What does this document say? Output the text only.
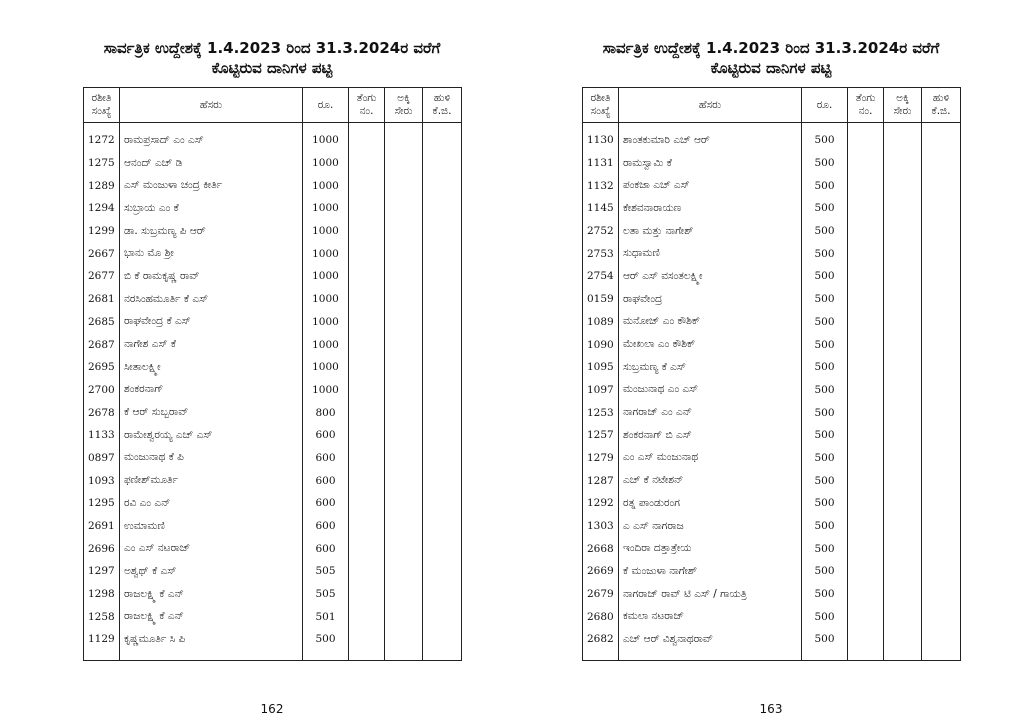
ಸಾರ್ವತ್ರಿಕ ಉದ್ದೇಶಕ್ಕೆ 1.4.2023 ರಿಂದ 31.3.2024ರ ವರೆಗೆ
ಕೊಟ್ಟಿರುವ ದಾನಿಗಳ ಪಟ್ಟಿ
ರಶೀತಿ ಸಂಖ್ಯೆ	ಹೆಸರು	ರೂ.	ತೆಂಗು ನಂ.	ಅಕ್ಕಿ ಸೇರು	ಹುಳಿ ಕೆ.ಜಿ.
1272	ರಾಮಪ್ರಸಾದ್ ಎಂ ಎಸ್	1000			
1275	ಆನಂದ್ ಎಚ್ ಡಿ	1000			
1289	ಎಸ್ ಮಂಜುಳಾ ಚಂದ್ರ ಕೀರ್ತಿ	1000			
1294	ಸುಬ್ರಾಯ ಎಂ ಕೆ	1000			
1299	ಡಾ. ಸುಬ್ರಮಣ್ಯ ಪಿ ಆರ್	1000			
2667	ಭಾನು ಮೊ ಶ್ರೀ	1000			
2677	ಬಿ ಕೆ ರಾಮಕೃಷ್ಣ ರಾವ್	1000			
2681	ನರಸಿಂಹಮೂರ್ತಿ ಕೆ ಎಸ್	1000			
2685	ರಾಘವೇಂದ್ರ ಕೆ ಎಸ್	1000			
2687	ನಾಗೇಶ ಎಸ್ ಕೆ	1000			
2695	ಸೀತಾಲಕ್ಷ್ಮೀ	1000			
2700	ಶಂಕರನಾಗ್	1000			
2678	ಕೆ ಆರ್ ಸುಬ್ಬರಾವ್	800			
1133	ರಾಮೇಶ್ವರಯ್ಯ ಎಚ್ ಎಸ್	600			
0897	ಮಂಜುನಾಥ ಕೆ ಪಿ	600			
1093	ಫಣೀಶ್‌ಮೂರ್ತಿ	600			
1295	ರವಿ ಎಂ ಎನ್	600			
2691	ಉಮಾಮಣಿ	600			
2696	ಎಂ ಎಸ್ ನಟರಾಜ್	600			
1297	ಅಶ್ವಥ್ ಕೆ ಎಸ್	505			
1298	ರಾಜಲಕ್ಷ್ಮಿ ಕೆ ಎನ್	505			
1258	ರಾಜಲಕ್ಷ್ಮಿ ಕೆ ಎನ್	501			
1129	ಕೃಷ್ಣಮೂರ್ತಿ ಸಿ ಪಿ	500			

162
ಸಾರ್ವತ್ರಿಕ ಉದ್ದೇಶಕ್ಕೆ 1.4.2023 ರಿಂದ 31.3.2024ರ ವರೆಗೆ
ಕೊಟ್ಟಿರುವ ದಾನಿಗಳ ಪಟ್ಟಿ
ರಶೀತಿ ಸಂಖ್ಯೆ	ಹೆಸರು	ರೂ.	ತೆಂಗು ನಂ.	ಅಕ್ಕಿ ಸೇರು	ಹುಳಿ ಕೆ.ಜಿ.
1130	ಶಾಂತಕುಮಾರಿ ಎಚ್ ಆರ್	500			
1131	ರಾಮಸ್ವಾಮಿ ಕೆ	500			
1132	ಪಂಕಜಾ ಎಚ್ ಎಸ್	500			
1145	ಕೇಶವನಾರಾಯಣ	500			
2752	ಲತಾ ಮತ್ತು ನಾಗೇಶ್	500			
2753	ಸುಧಾಮಣಿ	500			
2754	ಆರ್ ಎಸ್ ವಸಂತಲಕ್ಷ್ಮೀ	500			
0159	ರಾಘವೇಂದ್ರ	500			
1089	ಮನೋಜ್ ಎಂ ಕೌಶಿಕ್	500			
1090	ಮೇಖಲಾ ಎಂ ಕೌಶಿಕ್	500			
1095	ಸುಬ್ರಮಣ್ಯ ಕೆ ಎಸ್	500			
1097	ಮಂಜುನಾಥ ಎಂ ಎಸ್	500			
1253	ನಾಗರಾಜ್ ಎಂ ಎನ್	500			
1257	ಶಂಕರನಾಗ್ ಬಿ ಎಸ್	500			
1279	ಎಂ ಎಸ್ ಮಂಜುನಾಥ	500			
1287	ಎಚ್ ಕೆ ನಟೇಶನ್	500			
1292	ರತ್ನ ಪಾಂಡುರಂಗ	500			
1303	ಎ ಎಸ್ ನಾಗರಾಜ	500			
2668	ಇಂದಿರಾ ದತ್ತಾತ್ರೇಯ	500			
2669	ಕೆ ಮಂಜುಳಾ ನಾಗೇಶ್	500			
2679	ನಾಗರಾಜ್ ರಾವ್ ಟಿ ಎಸ್ / ಗಾಯತ್ರಿ	500			
2680	ಕಮಲಾ ನಟರಾಜ್	500			
2682	ಎಚ್ ಆರ್ ವಿಶ್ವನಾಥರಾವ್	500			

163
